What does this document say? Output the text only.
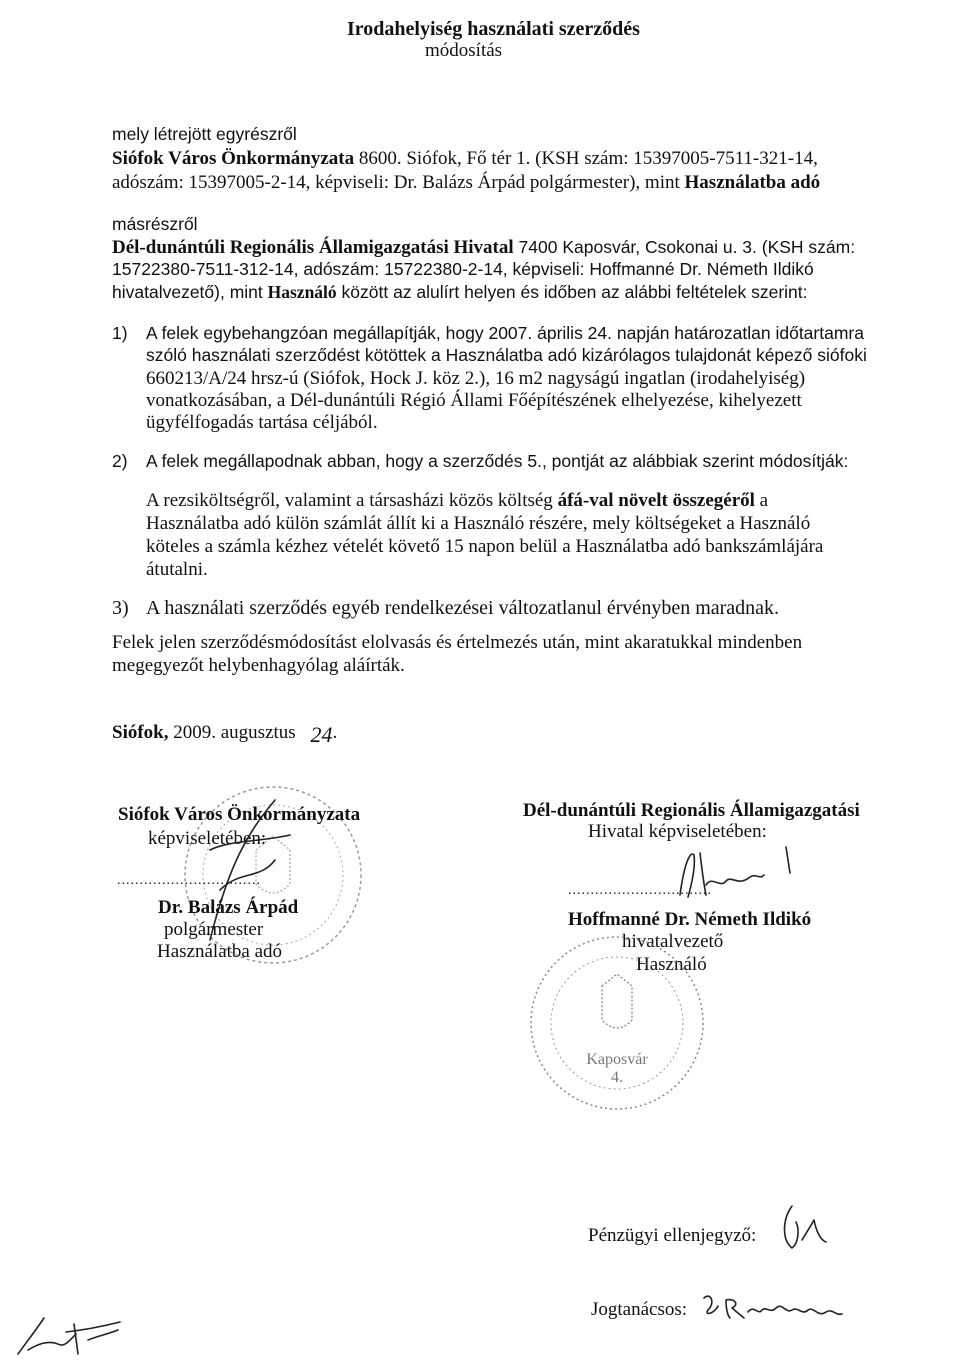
Irodahelyiség használati szerződés
módosítás
mely létrejött egyrészről
Siófok Város Önkormányzata 8600. Siófok, Fő tér 1. (KSH szám: 15397005-7511-321-14,
adószám: 15397005-2-14, képviseli: Dr. Balázs Árpád polgármester), mint Használatba adó
másrészről
Dél-dunántúli Regionális Államigazgatási Hivatal 7400 Kaposvár, Csokonai u. 3. (KSH szám:
15722380-7511-312-14, adószám: 15722380-2-14, képviseli: Hoffmanné Dr. Németh Ildikó
hivatalvezető), mint Használó között az alulírt helyen és időben az alábbi feltételek szerint:
1) A felek egybehangzóan megállapítják, hogy 2007. április 24. napján határozatlan időtartamra
szóló használati szerződést kötöttek a Használatba adó kizárólagos tulajdonát képező siófoki
660213/A/24 hrsz-ú (Siófok, Hock J. köz 2.), 16 m2 nagyságú ingatlan (irodahelyiség)
vonatkozásában, a Dél-dunántúli Régió Állami Főépítészének elhelyezése, kihelyezett
ügyfélfogadás tartása céljából.
2) A felek megállapodnak abban, hogy a szerződés 5., pontját az alábbiak szerint módosítják:
A rezsiköltségről, valamint a társasházi közös költség áfá-val növelt összegéről a
Használatba adó külön számlát állít ki a Használó részére, mely költségeket a Használó
köteles a számla kézhez vételét követő 15 napon belül a Használatba adó bankszámlájára
átutalni.
3) A használati szerződés egyéb rendelkezései változatlanul érvényben maradnak.
Felek jelen szerződésmódosítást elolvasás és értelmezés után, mint akaratukkal mindenben
megegyezőt helybenhagyólag aláírták.
Siófok, 2009. augusztus 24.
Siófok Város Önkormányzata
képviseletében:
................................
Dr. Balázs Árpád
polgármester
Használatba adó
Dél-dunántúli Regionális Államigazgatási
Hivatal képviseletében:
................................
Hoffmanné Dr. Németh Ildikó
hivatalvezető
Használó
Kaposvár
4.
Pénzügyi ellenjegyző:
Jogtanácsos:
